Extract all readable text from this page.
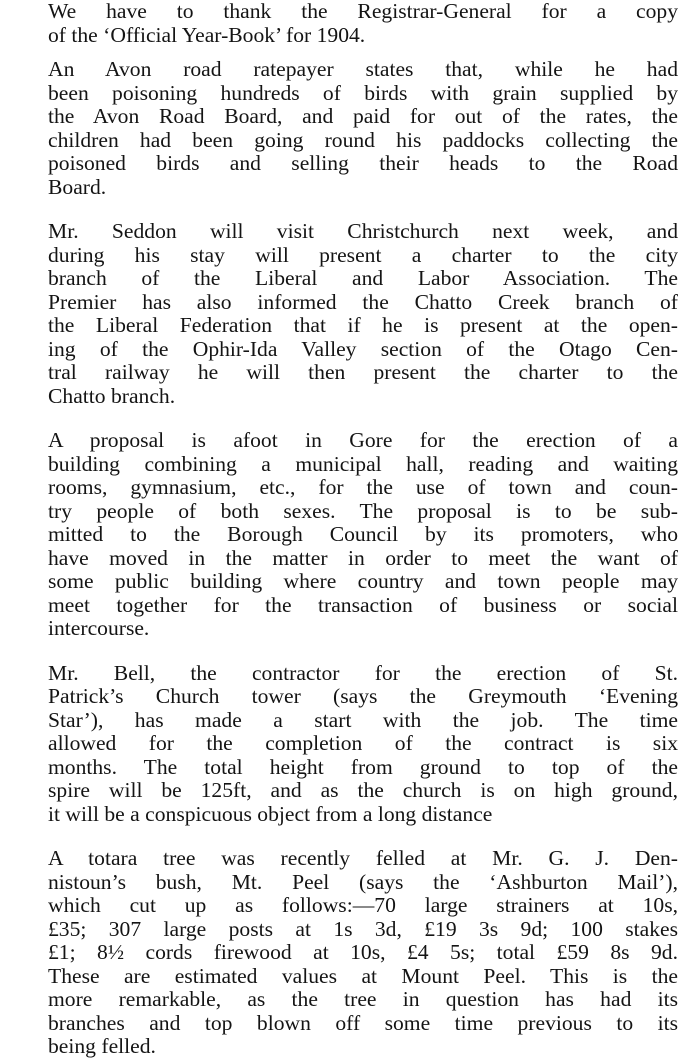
We have to thank the Registrar-General for a copy
of the ‘Official Year-Book’ for 1904.
An Avon road ratepayer states that, while he had
been poisoning hundreds of birds with grain supplied by
the Avon Road Board, and paid for out of the rates, the
children had been going round his paddocks collecting the
poisoned birds and selling their heads to the Road
Board.
Mr. Seddon will visit Christchurch next week, and
during his stay will present a charter to the city
branch of the Liberal and Labor Association. The
Premier has also informed the Chatto Creek branch of
the Liberal Federation that if he is present at the open-
ing of the Ophir-Ida Valley section of the Otago Cen-
tral railway he will then present the charter to the
Chatto branch.
A proposal is afoot in Gore for the erection of a
building combining a municipal hall, reading and waiting
rooms, gymnasium, etc., for the use of town and coun-
try people of both sexes. The proposal is to be sub-
mitted to the Borough Council by its promoters, who
have moved in the matter in order to meet the want of
some public building where country and town people may
meet together for the transaction of business or social
intercourse.
Mr. Bell, the contractor for the erection of St.
Patrick’s Church tower (says the Greymouth ‘Evening
Star’), has made a start with the job. The time
allowed for the completion of the contract is six
months. The total height from ground to top of the
spire will be 125ft, and as the church is on high ground,
it will be a conspicuous object from a long distance
A totara tree was recently felled at Mr. G. J. Den-
nistoun’s bush, Mt. Peel (says the ‘Ashburton Mail’),
which cut up as follows:—70 large strainers at 10s,
£35; 307 large posts at 1s 3d, £19 3s 9d; 100 stakes
£1; 8½ cords firewood at 10s, £4 5s; total £59 8s 9d.
These are estimated values at Mount Peel. This is the
more remarkable, as the tree in question has had its
branches and top blown off some time previous to its
being felled.
